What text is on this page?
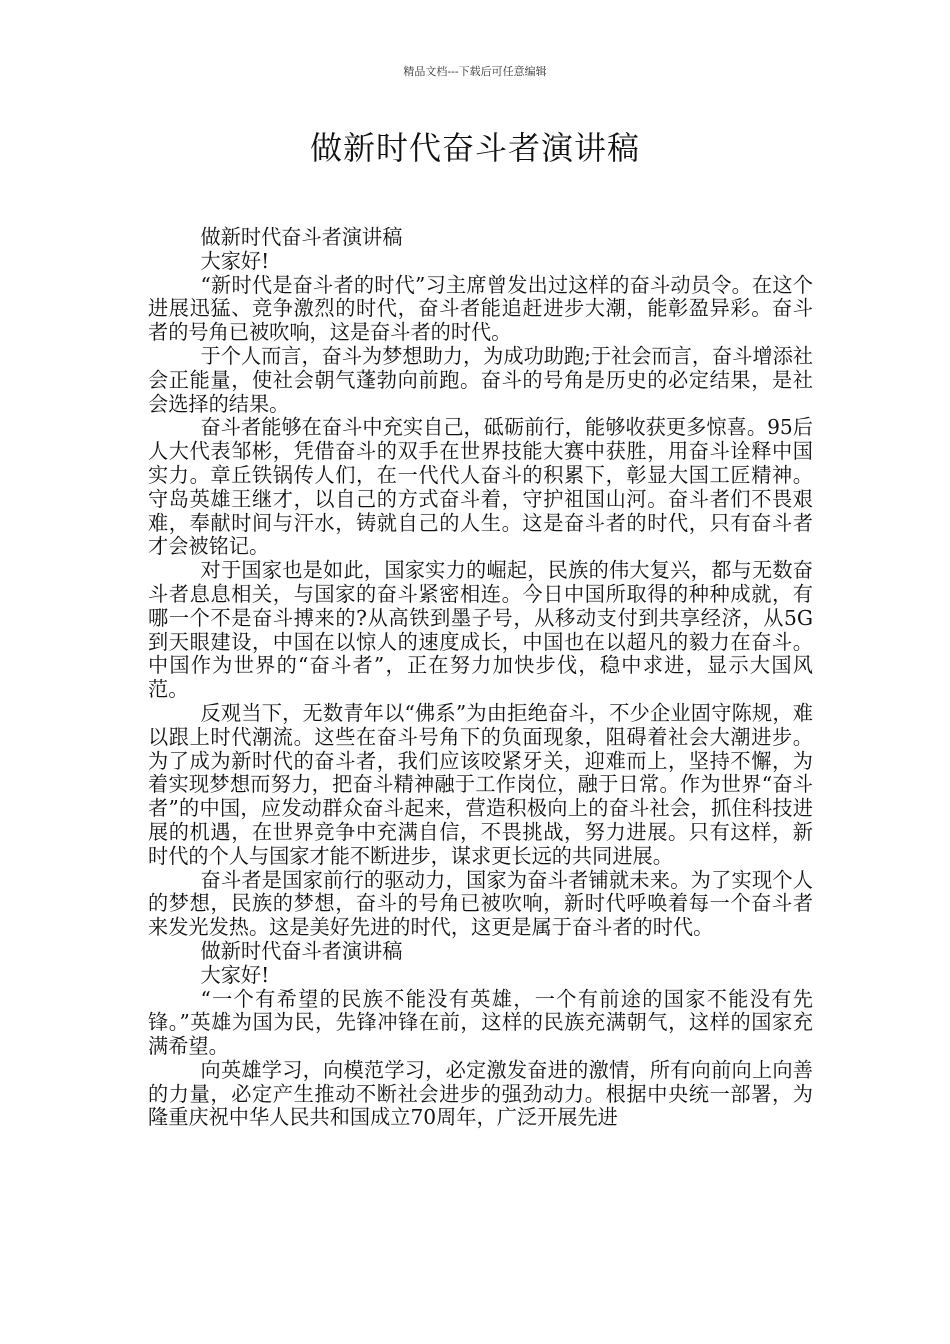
精品文档---下载后可任意编辑
做新时代奋斗者演讲稿

做新时代奋斗者演讲稿

大家好!

“新时代是奋斗者的时代”习主席曾发出过这样的奋斗动员令。在这个进展迅猛、竞争激烈的时代，奋斗者能追赶进步大潮，能彰盈异彩。奋斗者的号角已被吹响，这是奋斗者的时代。

于个人而言，奋斗为梦想助力，为成功助跑;于社会而言，奋斗增添社会正能量，使社会朝气蓬勃向前跑。奋斗的号角是历史的必定结果，是社会选择的结果。

奋斗者能够在奋斗中充实自己，砥砺前行，能够收获更多惊喜。95后人大代表邹彬，凭借奋斗的双手在世界技能大赛中获胜，用奋斗诠释中国实力。章丘铁锅传人们，在一代代人奋斗的积累下，彰显大国工匠精神。守岛英雄王继才，以自己的方式奋斗着，守护祖国山河。奋斗者们不畏艰难，奉献时间与汗水，铸就自己的人生。这是奋斗者的时代，只有奋斗者才会被铭记。

对于国家也是如此，国家实力的崛起，民族的伟大复兴，都与无数奋斗者息息相关，与国家的奋斗紧密相连。今日中国所取得的种种成就，有哪一个不是奋斗搏来的?从高铁到墨子号，从移动支付到共享经济，从5G到天眼建设，中国在以惊人的速度成长，中国也在以超凡的毅力在奋斗。中国作为世界的“奋斗者”，正在努力加快步伐，稳中求进，显示大国风范。

反观当下，无数青年以“佛系”为由拒绝奋斗，不少企业固守陈规，难以跟上时代潮流。这些在奋斗号角下的负面现象，阻碍着社会大潮进步。为了成为新时代的奋斗者，我们应该咬紧牙关，迎难而上，坚持不懈，为着实现梦想而努力，把奋斗精神融于工作岗位，融于日常。作为世界“奋斗者”的中国，应发动群众奋斗起来，营造积极向上的奋斗社会，抓住科技进展的机遇，在世界竞争中充满自信，不畏挑战，努力进展。只有这样，新时代的个人与国家才能不断进步，谋求更长远的共同进展。

奋斗者是国家前行的驱动力，国家为奋斗者铺就未来。为了实现个人的梦想，民族的梦想，奋斗的号角已被吹响，新时代呼唤着每一个奋斗者来发光发热。这是美好先进的时代，这更是属于奋斗者的时代。

做新时代奋斗者演讲稿

大家好!

“一个有希望的民族不能没有英雄，一个有前途的国家不能没有先锋。”英雄为国为民，先锋冲锋在前，这样的民族充满朝气，这样的国家充满希望。

向英雄学习，向模范学习，必定激发奋进的激情，所有向前向上向善的力量，必定产生推动不断社会进步的强劲动力。根据中央统一部署，为隆重庆祝中华人民共和国成立70周年，广泛开展先进
